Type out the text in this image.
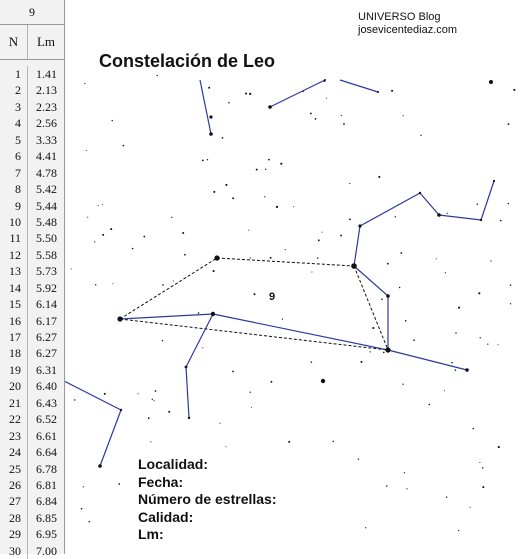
9
N	Lm
1	1.41
2	2.13
3	2.23
4	2.56
5	3.33
6	4.41
7	4.78
8	5.42
9	5.44
10	5.48
11	5.50
12	5.58
13	5.73
14	5.92
15	6.14
16	6.17
17	6.27
18	6.27
19	6.31
20	6.40
21	6.43
22	6.52
23	6.61
24	6.64
25	6.78
26	6.81
27	6.84
28	6.85
29	6.95
30	7.00
UNIVERSO Blog
josevicentediaz.com
Constelación de Leo
9
Localidad:
Fecha:
Número de estrellas:
Calidad:
Lm:
